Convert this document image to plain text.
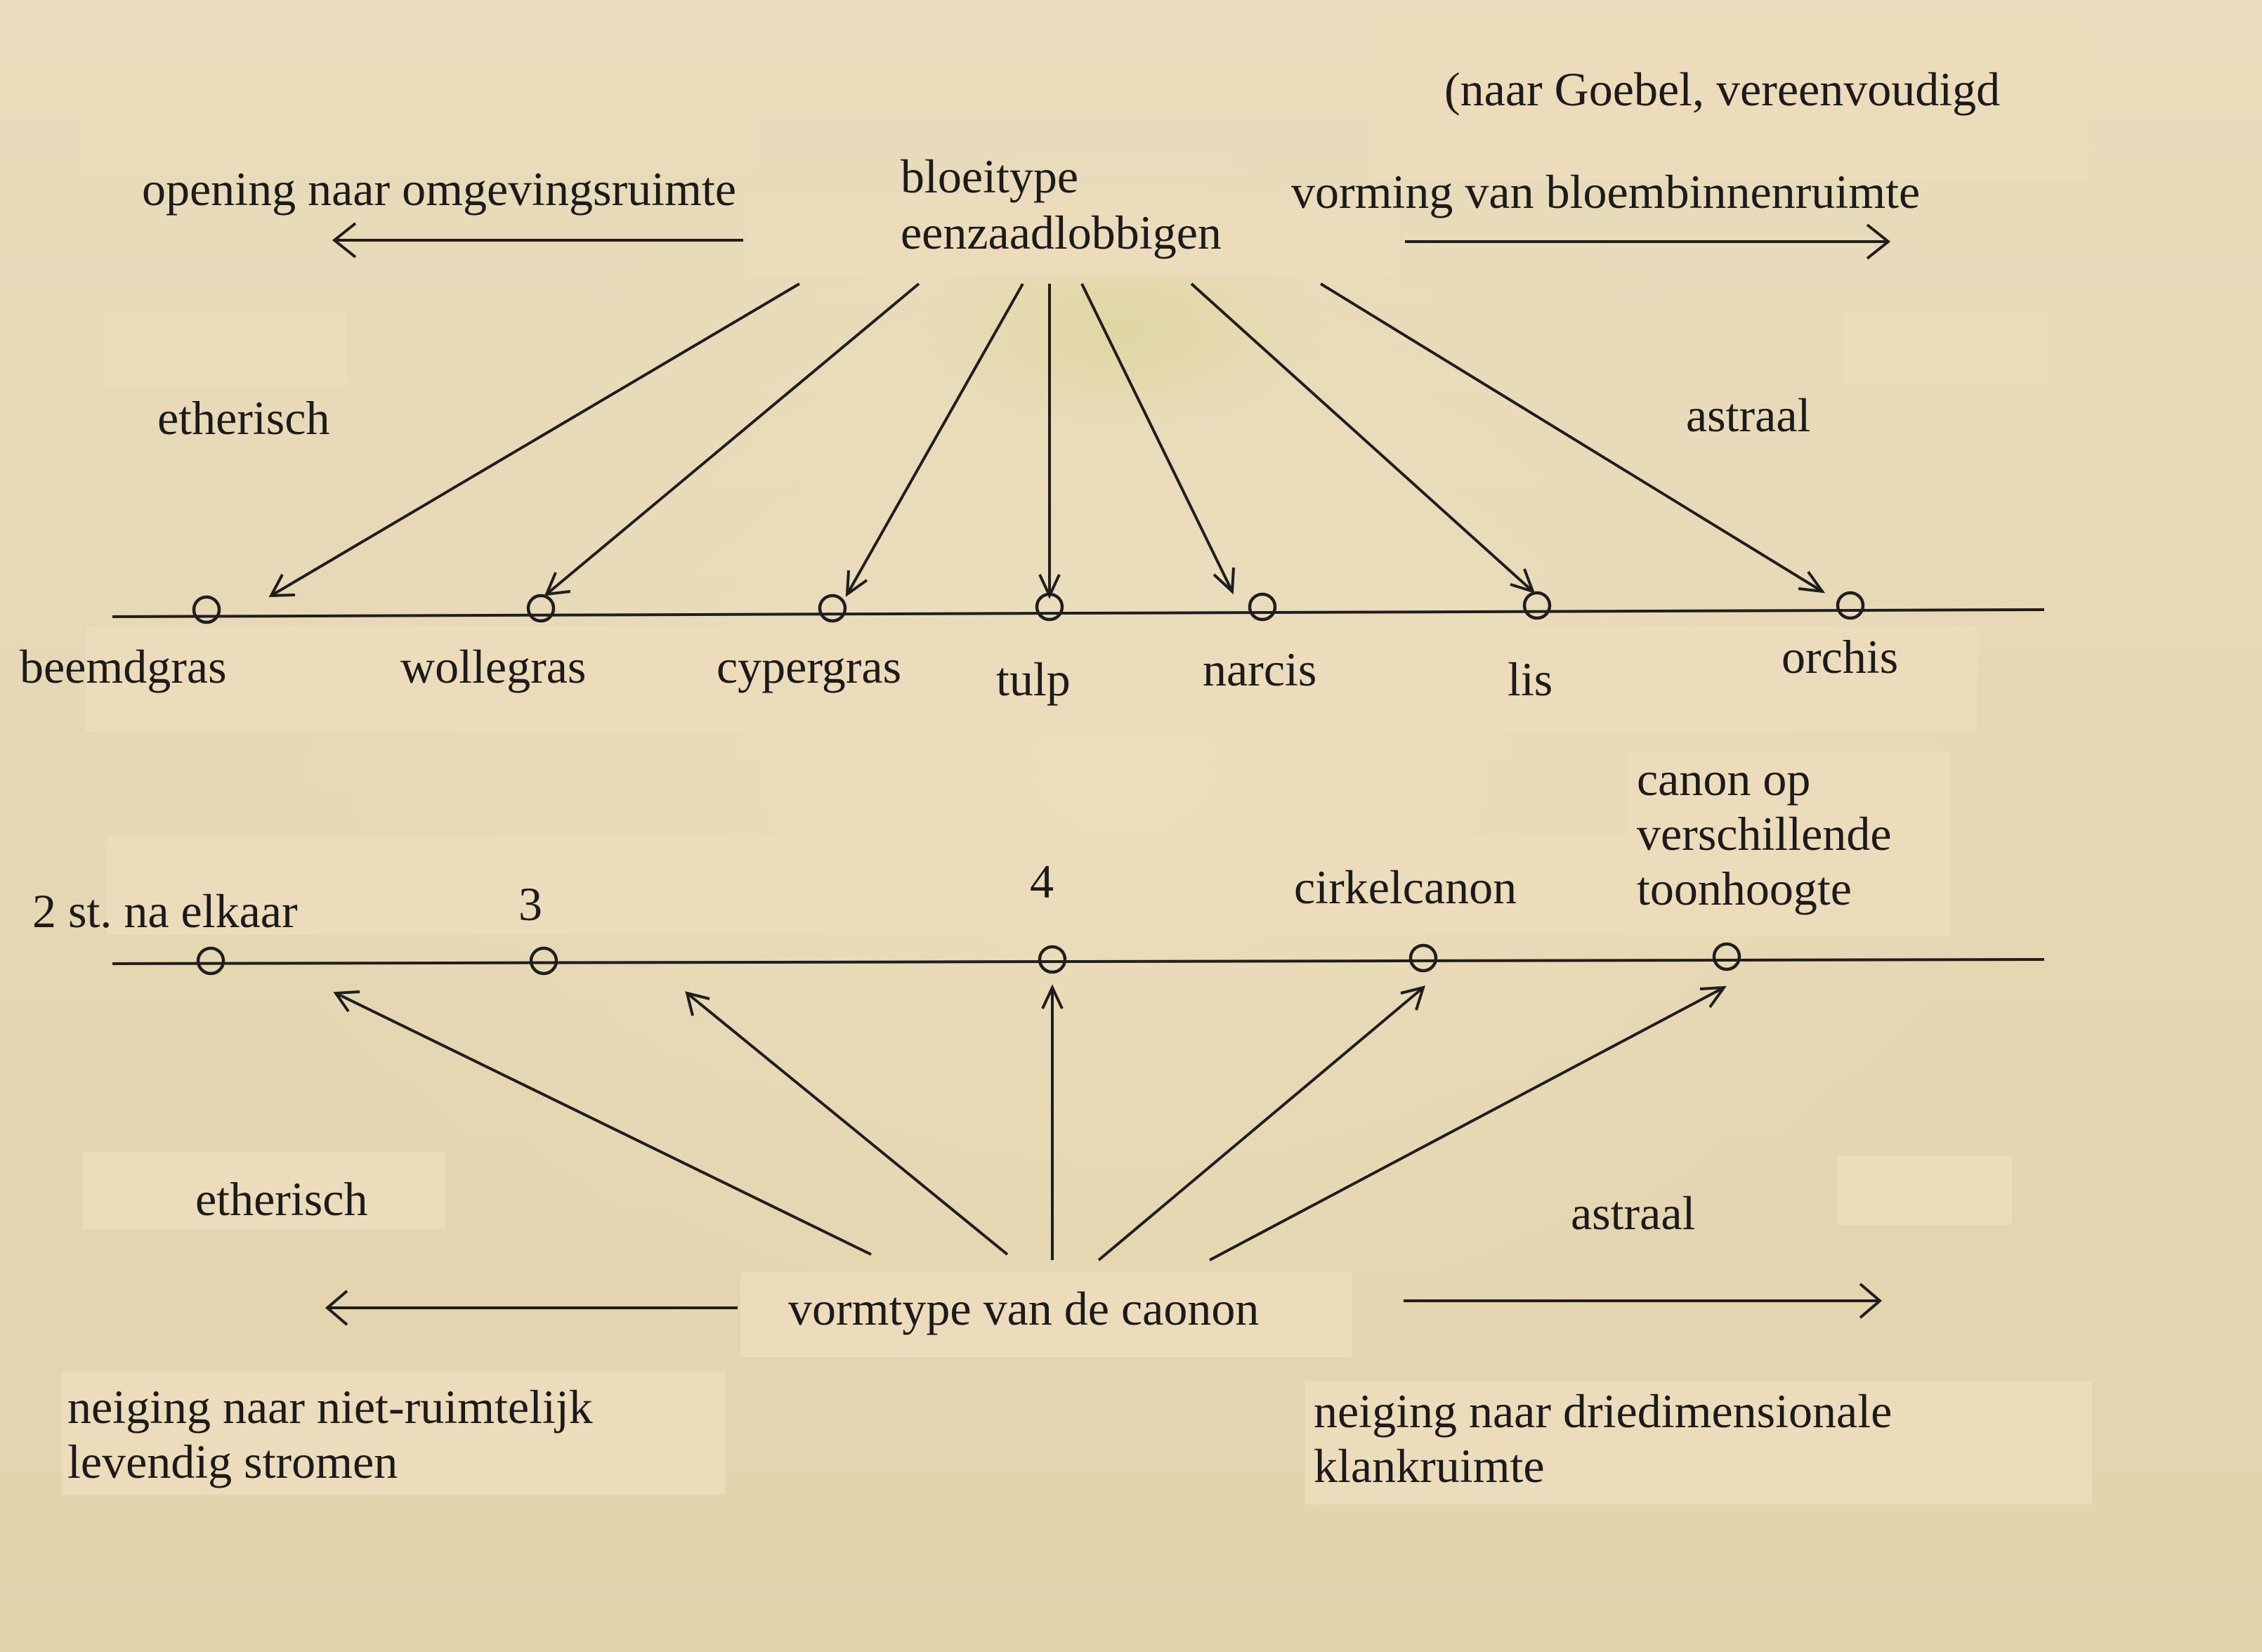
(naar Goebel, vereenvoudigd
opening naar omgevingsruimte	bloeitype
eenzaadlobbigen
vorming van bloembinnenruimte
etherisch	astraal
beemdgras	wollegras	cypergras tulp	narcis	lis	orchis
2 st. na elkaar	3	4	cirkelcanon
canon op
verschillende
toonhoogte
etherisch	astraal
vormtype van de caonon
neiging naar niet-ruimtelijk
levendig stromen
neiging naar driedimensionale
klankruimte
